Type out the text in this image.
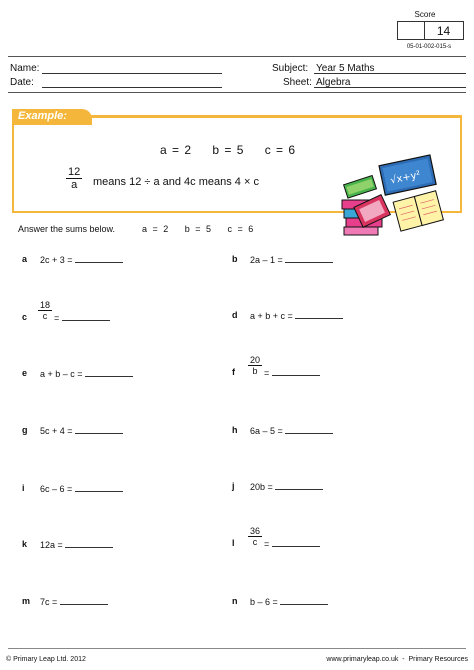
Score
14
05-01-002-015-s
Name:
Date:
Subject: Year 5 Maths
Sheet: Algebra
Example:
a = 2    b = 5    c = 6
$\frac{12}{a}$ means 12 ÷ a and 4c means 4 × c	√x+y²
Answer the sums below.	a = 2   b = 5   c = 6
a 2c + 3 =
c $\frac{18}{c}$ =
e a + b – c =
g 5c + 4 =
i 6c – 6 =
k 12a =
m 7c =
b 2a – 1 =
d a + b + c =
f $\frac{20}{b}$ =
h 6a – 5 =
j 20b =
l $\frac{36}{c}$ =
n b – 6 =
© Primary Leap Ltd. 2012	www.primaryleap.co.uk  -  Primary Resources
